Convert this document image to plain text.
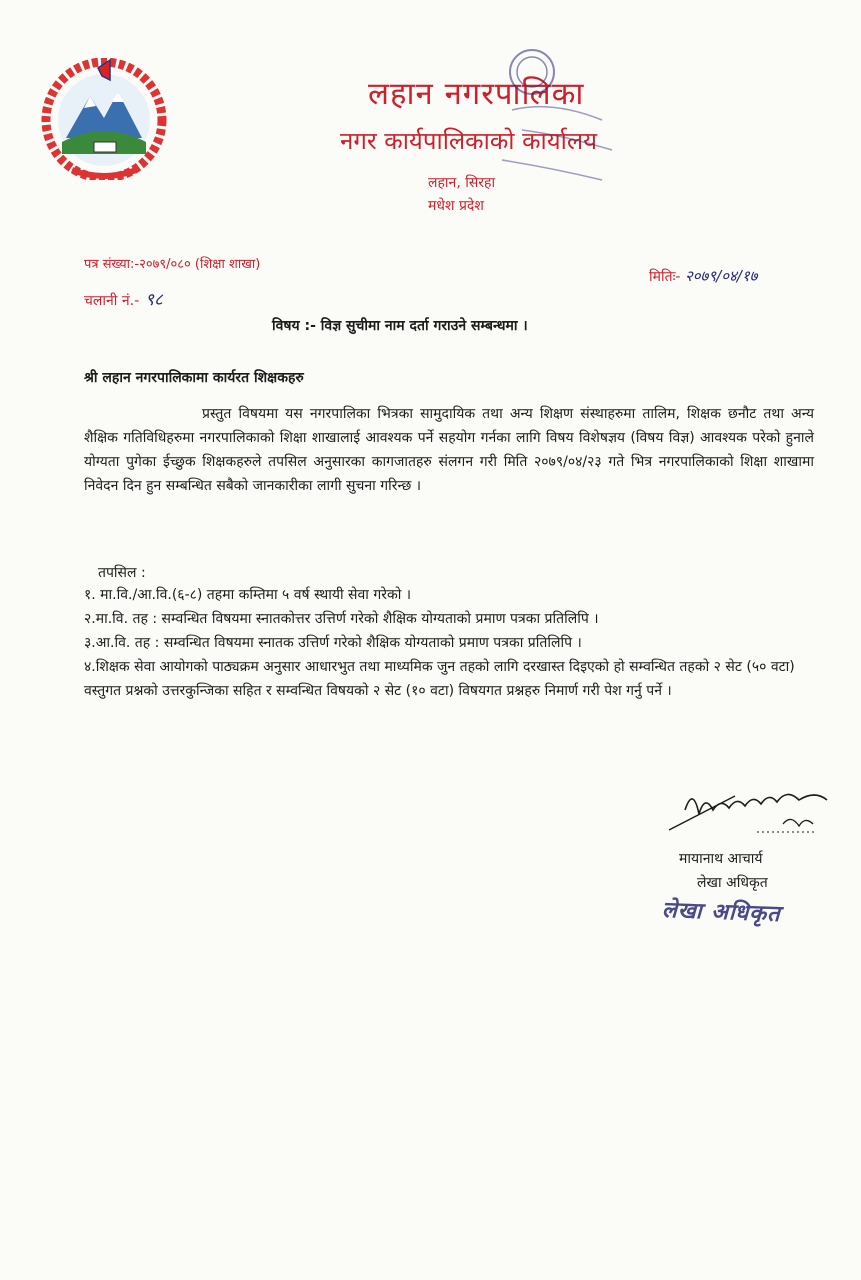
लहान नगरपालिका
नगर कार्यपालिकाको कार्यालय
लहान, सिरहा
मधेश प्रदेश
पत्र संख्या:-२०७९/०८० (शिक्षा शाखा)
चलानी नं.- ९८
मितिः- २०७९/०४/१७
विषय :- विज्ञ सुचीमा नाम दर्ता गराउने सम्बन्धमा ।
श्री लहान नगरपालिकामा कार्यरत शिक्षकहरु

प्रस्तुत विषयमा यस नगरपालिका भित्रका सामुदायिक तथा अन्य शिक्षण संस्थाहरुमा तालिम, शिक्षक छनौट तथा अन्य शैक्षिक गतिविधिहरुमा नगरपालिकाको शिक्षा शाखालाई आवश्यक पर्ने सहयोग गर्नका लागि विषय विशेषज्ञय (विषय विज्ञ) आवश्यक परेको हुनाले योग्यता पुगेका ईच्छुक शिक्षकहरुले तपसिल अनुसारका कागजातहरु संलगन गरी मिति २०७९/०४/२३ गते भित्र नगरपालिकाको शिक्षा शाखामा निवेदन दिन हुन सम्बन्धित सबैको जानकारीका लागी सुचना गरिन्छ ।

तपसिल :
१. मा.वि./आ.वि.(६-८) तहमा कम्तिमा ५ वर्ष स्थायी सेवा गरेको ।
२.मा.वि. तह : सम्वन्धित विषयमा स्नातकोत्तर उत्तिर्ण गरेको शैक्षिक योग्यताको प्रमाण पत्रका प्रतिलिपि ।
३.आ.वि. तह : सम्वन्धित विषयमा स्नातक उत्तिर्ण गरेको शैक्षिक योग्यताको प्रमाण पत्रका प्रतिलिपि ।
४.शिक्षक सेवा आयोगको पाठ्यक्रम अनुसार आधारभुत तथा माध्यमिक जुन तहको लागि दरखास्त दिइएको हो सम्वन्धित तहको २ सेट (५० वटा) वस्तुगत प्रश्नको उत्तरकुन्जिका सहित र सम्वन्धित विषयको २ सेट (१० वटा) विषयगत प्रश्नहरु निमार्ण गरी पेश गर्नु पर्ने ।
मायानाथ आचार्य
लेखा अधिकृत
लेखा अधिकृत
